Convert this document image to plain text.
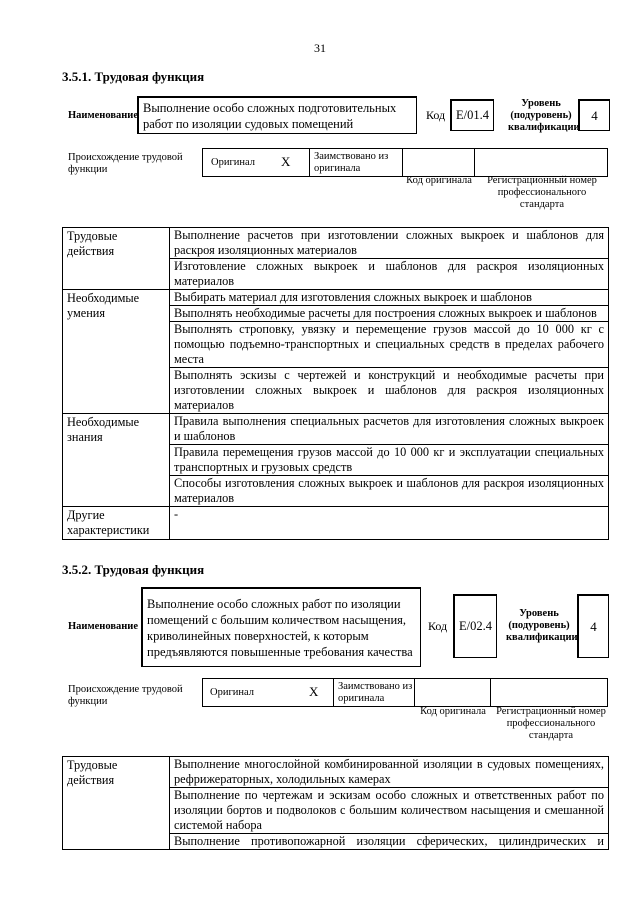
31
3.5.1. Трудовая функция
Наименование
Выполнение особо сложных подготовительных работ по изоляции судовых помещений
Код E/01.4
Уровень (подуровень) квалификации
4
Происхождение трудовой функции
Оригинал X Заимствовано из оригинала
Код оригинала	Регистрационный номер профессионального стандарта
Трудовые действия	Выполнение расчетов при изготовлении сложных выкроек и шаблонов для раскроя изоляционных материалов
	Изготовление сложных выкроек и шаблонов для раскроя изоляционных материалов
Необходимые умения	Выбирать материал для изготовления сложных выкроек и шаблонов
	Выполнять необходимые расчеты для построения сложных выкроек и шаблонов
	Выполнять строповку, увязку и перемещение грузов массой до 10 000 кг с помощью подъемно-транспортных и специальных средств в пределах рабочего места
	Выполнять эскизы с чертежей и конструкций и необходимые расчеты при изготовлении сложных выкроек и шаблонов для раскроя изоляционных материалов
Необходимые знания	Правила выполнения специальных расчетов для изготовления сложных выкроек и шаблонов
	Правила перемещения грузов массой до 10 000 кг и эксплуатации специальных транспортных и грузовых средств
	Способы изготовления сложных выкроек и шаблонов для раскроя изоляционных материалов
Другие характеристики	-
3.5.2. Трудовая функция
Наименование
Выполнение особо сложных работ по изоляции помещений с большим количеством насыщения, криволинейных поверхностей, к которым предъявляются повышенные требования качества
Код E/02.4
Уровень (подуровень) квалификации
4
Происхождение трудовой функции
Оригинал	X Заимствовано из оригинала
Код оригинала Регистрационный номер профессионального стандарта
Трудовые действия	Выполнение многослойной комбинированной изоляции в судовых помещениях, рефрижераторных, холодильных камерах
Выполнение по чертежам и эскизам особо сложных и ответственных работ по изоляции бортов и подволоков с большим количеством насыщения и смешанной системой набора
Выполнение противопожарной изоляции сферических, цилиндрических и
